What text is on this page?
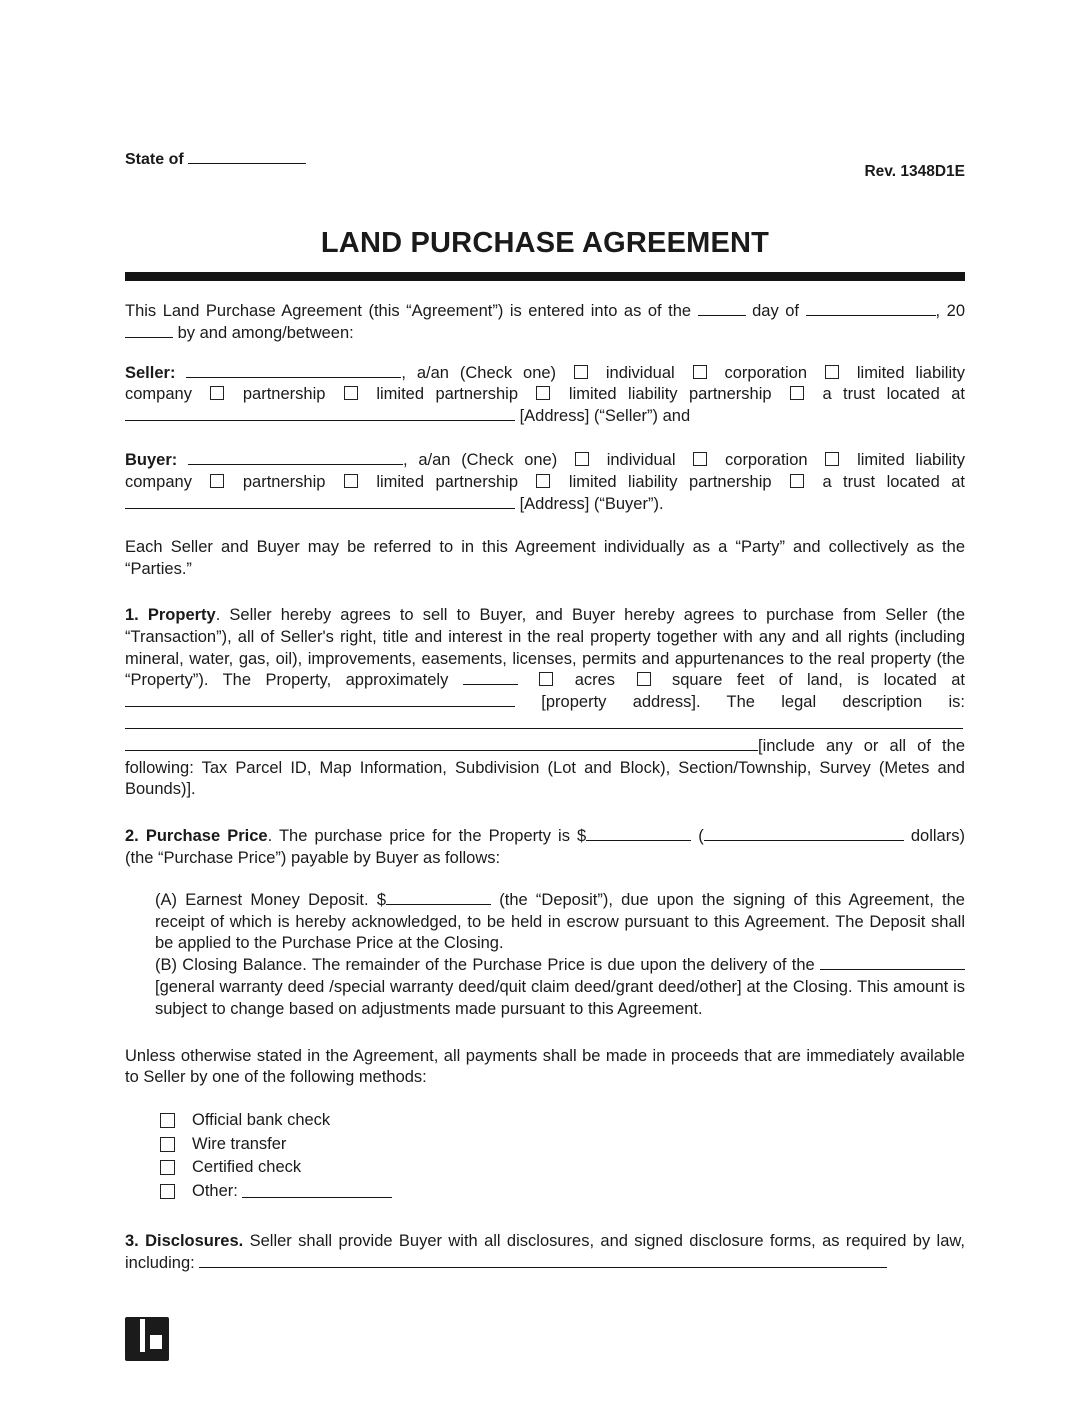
State of
Rev. 1348D1E
LAND PURCHASE AGREEMENT

This Land Purchase Agreement (this “Agreement”) is entered into as of the	day of	, 20 by and among/between:

Seller:	, a/an (Check one)	individual	corporation	limited liability company	partnership	limited partnership	limited liability partnership	a trust located at  [Address] (“Seller”) and

Buyer:	, a/an (Check one)	individual	corporation	limited liability company	partnership	limited partnership	limited liability partnership	a trust located at  [Address] (“Buyer”).

Each Seller and Buyer may be referred to in this Agreement individually as a “Party” and collectively as the “Parties.”

1. Property. Seller hereby agrees to sell to Buyer, and Buyer hereby agrees to purchase from Seller (the “Transaction”), all of Seller's right, title and interest in the real property together with any and all rights (including mineral, water, gas, oil), improvements, easements, licenses, permits and appurtenances to the real property (the “Property”). The Property, approximately	acres	square feet of land, is located at  [property address]. The legal description is:  [include any or all of the following: Tax Parcel ID, Map Information, Subdivision (Lot and Block), Section/Township, Survey (Metes and Bounds)].

2. Purchase Price. The purchase price for the Property is $	(	dollars) (the “Purchase Price”) payable by Buyer as follows:

(A) Earnest Money Deposit. $	(the “Deposit”), due upon the signing of this Agreement, the receipt of which is hereby acknowledged, to be held in escrow pursuant to this Agreement. The Deposit shall be applied to the Purchase Price at the Closing.

(B) Closing Balance. The remainder of the Purchase Price is due upon the delivery of the  [general warranty deed /special warranty deed/quit claim deed/grant deed/other] at the Closing. This amount is subject to change based on adjustments made pursuant to this Agreement.

Unless otherwise stated in the Agreement, all payments shall be made in proceeds that are immediately available to Seller by one of the following methods:

Official bank check
Wire transfer
Certified check
Other:

3. Disclosures. Seller shall provide Buyer with all disclosures, and signed disclosure forms, as required by law, including:
